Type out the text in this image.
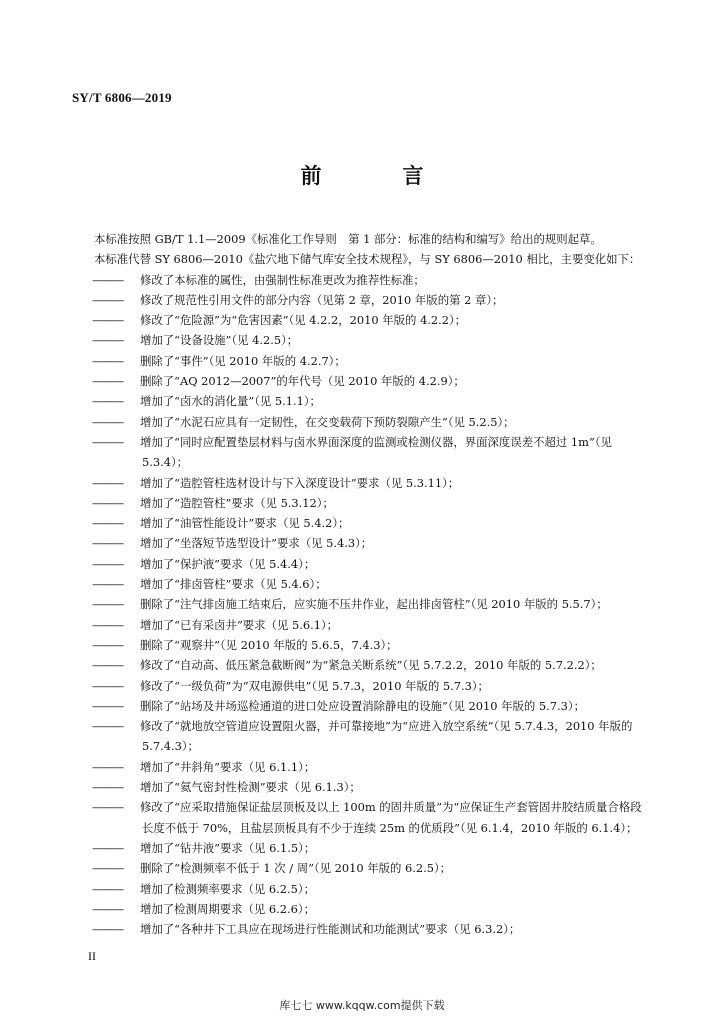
SY/T 6806—2019
前　言

本标准按照 GB/T 1.1—2009《标准化工作导则　第 1 部分：标准的结构和编写》给出的规则起草。

本标准代替 SY 6806—2010《盐穴地下储气库安全技术规程》，与 SY 6806—2010 相比，主要变化如下：

——— 修改了本标准的属性，由强制性标准更改为推荐性标准；
——— 修改了规范性引用文件的部分内容（见第 2 章，2010 年版的第 2 章）；
——— 修改了“危险源”为“危害因素”（见 4.2.2，2010 年版的 4.2.2）；
——— 增加了“设备设施”（见 4.2.5）；
——— 删除了“事件”（见 2010 年版的 4.2.7）；
——— 删除了“AQ 2012—2007”的年代号（见 2010 年版的 4.2.9）；
——— 增加了“卤水的消化量”（见 5.1.1）；
——— 增加了“水泥石应具有一定韧性，在交变载荷下预防裂隙产生”（见 5.2.5）；
——— 增加了“同时应配置垫层材料与卤水界面深度的监测或检测仪器，界面深度误差不超过 1m”（见 5.3.4）；
——— 增加了“造腔管柱选材设计与下入深度设计”要求（见 5.3.11）；
——— 增加了“造腔管柱”要求（见 5.3.12）；
——— 增加了“油管性能设计”要求（见 5.4.2）；
——— 增加了“坐落短节选型设计”要求（见 5.4.3）；
——— 增加了“保护液”要求（见 5.4.4）；
——— 增加了“排卤管柱”要求（见 5.4.6）；
——— 删除了“注气排卤施工结束后，应实施不压井作业，起出排卤管柱”（见 2010 年版的 5.5.7）；
——— 增加了“已有采卤井”要求（见 5.6.1）；
——— 删除了“观察井”（见 2010 年版的 5.6.5，7.4.3）；
——— 修改了“自动高、低压紧急截断阀”为“紧急关断系统”（见 5.7.2.2，2010 年版的 5.7.2.2）；
——— 修改了“一级负荷”为“双电源供电”（见 5.7.3，2010 年版的 5.7.3）；
——— 删除了“站场及井场巡检通道的进口处应设置消除静电的设施”（见 2010 年版的 5.7.3）；
——— 修改了“就地放空管道应设置阻火器，并可靠接地”为“应进入放空系统”（见 5.7.4.3，2010 年版的 5.7.4.3）；
——— 增加了“井斜角”要求（见 6.1.1）；
——— 增加了“氦气密封性检测”要求（见 6.1.3）；
——— 修改了“应采取措施保证盐层顶板及以上 100m 的固井质量”为“应保证生产套管固井胶结质量合格段长度不低于 70%，且盐层顶板具有不少于连续 25m 的优质段”（见 6.1.4，2010 年版的 6.1.4）；
——— 增加了“钻井液”要求（见 6.1.5）；
——— 删除了“检测频率不低于 1 次 / 周”（见 2010 年版的 6.2.5）；
——— 增加了检测频率要求（见 6.2.5）；
——— 增加了检测周期要求（见 6.2.6）；
——— 增加了“各种井下工具应在现场进行性能测试和功能测试”要求（见 6.3.2）；
II
库七七 www.kqqw.com提供下载
